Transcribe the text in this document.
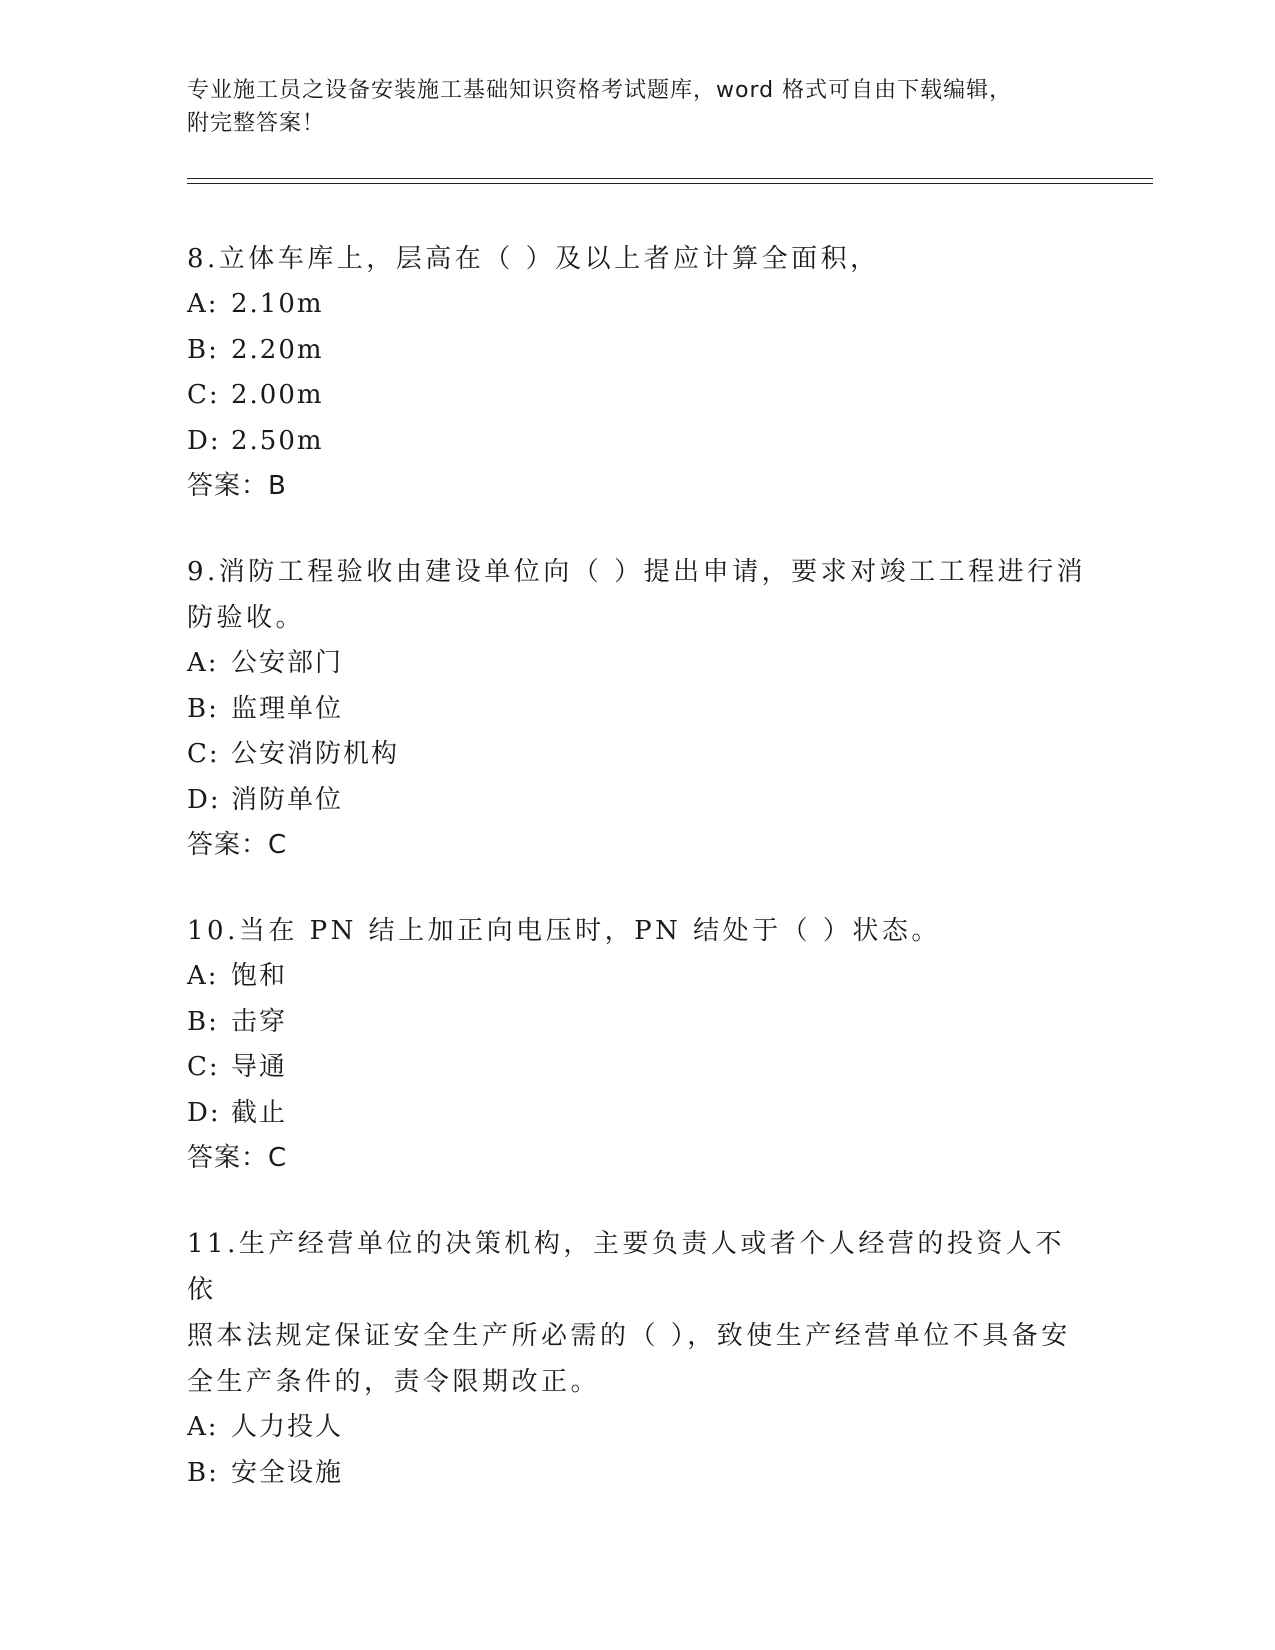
专业施工员之设备安装施工基础知识资格考试题库，word 格式可自由下载编辑，
附完整答案！
8.立体车库上，层高在（ ）及以上者应计算全面积，
A: 2.10m
B: 2.20m
C: 2.00m
D: 2.50m
答案：B
9.消防工程验收由建设单位向（ ）提出申请，要求对竣工工程进行消
防验收。
A: 公安部门
B: 监理单位
C: 公安消防机构
D: 消防单位
答案：C
10.当在 PN 结上加正向电压时，PN 结处于（ ）状态。
A: 饱和
B: 击穿
C: 导通
D: 截止
答案：C
11.生产经营单位的决策机构，主要负责人或者个人经营的投资人不依
照本法规定保证安全生产所必需的（ ），致使生产经营单位不具备安
全生产条件的，责令限期改正。
A: 人力投人
B: 安全设施
